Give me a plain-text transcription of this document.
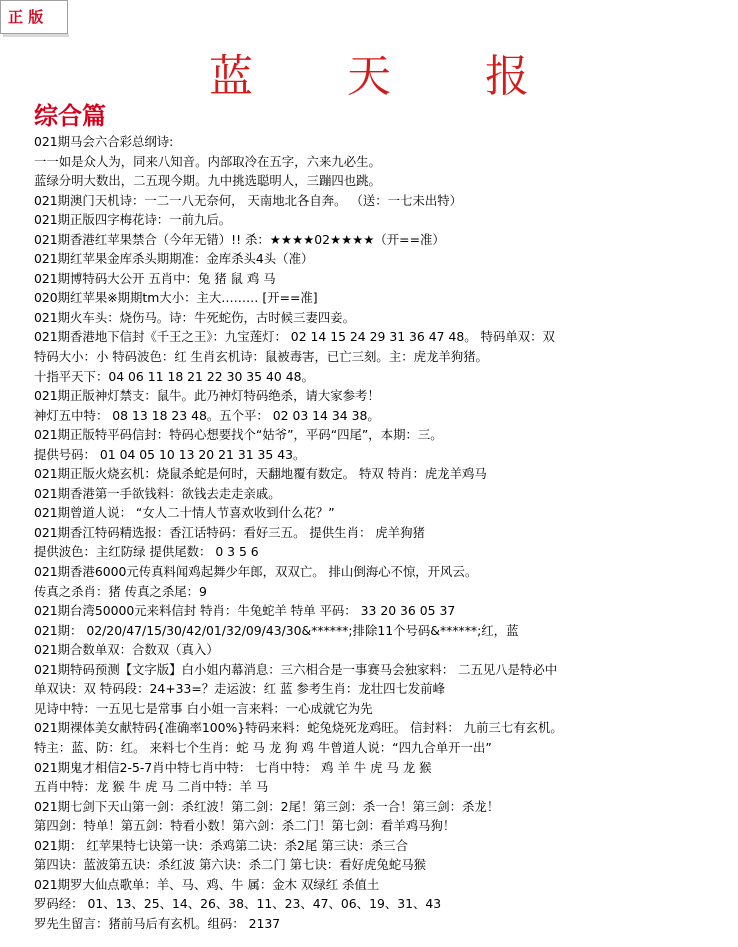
正 版
蓝 天 报
综合篇
021期马会六合彩总纲诗:
一一如是众人为，同来八知音。内部取冷在五字，六来九必生。
蓝绿分明大数出，二五现今期。九中挑选聪明人，三蹦四也跳。
021期澳门天机诗：一二一八无奈何， 天南地北各自奔。 （送：一七未出特）
021期正版四字梅花诗：一前九后。
021期香港红苹果禁合（今年无错）!! 杀：★★★★02★★★★（开==准）
021期红苹果金库杀头期期准：金库杀头4头（准）
021期博特码大公开 五肖中：兔 猪 鼠 鸡 马
020期红苹果※期期tm大小：主大……… [开==准]
021期火车头：烧伤马。诗：牛死蛇伤，古时候三妻四妾。
021期香港地下信封《千王之王》：九宝莲灯： 02 14 15 24 29 31 36 47 48。 特码单双：双
特码大小：小 特码波色：红 生肖玄机诗：鼠被毒害，已亡三刻。主：虎龙羊狗猪。
十指平天下：04 06 11 18 21 22 30 35 40 48。
021期正版神灯禁支：鼠牛。此乃神灯特码绝杀，请大家参考！
神灯五中特： 08 13 18 23 48。五个平： 02 03 14 34 38。
021期正版特平码信封：特码心想要找个“姑爷”，平码“四尾”，本期：三。
提供号码： 01 04 05 10 13 20 21 31 35 43。
021期正版火烧玄机：烧鼠杀蛇是何时，天翻地覆有数定。 特双 特肖：虎龙羊鸡马
021期香港第一手欲钱料：欲钱去走走亲戚。
021期曾道人说： “女人二十情人节喜欢收到什么花？”
021期香江特码精选报：香江话特码：看好三五。 提供生肖： 虎羊狗猪
提供波色：主红防绿 提供尾数： 0 3 5 6
021期香港6000元传真料闻鸡起舞少年郎，双双亡。 排山倒海心不惊，开风云。
传真之杀肖：猪 传真之杀尾：9
021期台湾50000元来料信封 特肖：牛兔蛇羊 特单 平码： 33 20 36 05 37
021期： 02/20/47/15/30/42/01/32/09/43/30&******;排除11个号码&******;红，蓝
021期合数单双：合数双（真入）
021期特码预测【文字版】白小姐内幕消息：三六相合是一事赛马会独家料： 二五见八是特必中
单双诀：双 特码段：24+33=？走运波：红 蓝 参考生肖：龙壮四七发前峰
见诗中特：一五见七是常事 白小姐一言来料：一心成就它为先
021期裸体美女献特码{准确率100%}特码来料：蛇兔烧死龙鸡旺。 信封料： 九前三七有玄机。
特主：蓝、防：红。 来料七个生肖：蛇 马 龙 狗 鸡 牛曾道人说：“四九合单开一出”
021期鬼才相信2-5-7肖中特七肖中特： 七肖中特： 鸡 羊 牛 虎 马 龙 猴
五肖中特：龙 猴 牛 虎 马 二肖中特：羊 马
021期七剑下天山第一剑：杀红波！第二剑：2尾！第三剑：杀一合！第三剑：杀龙！
第四剑：特单！第五剑：特看小数！第六剑：杀二门！第七剑：看羊鸡马狗！
021期： 红苹果特七诀第一诀：杀鸡第二诀：杀2尾 第三诀：杀三合
第四诀：蓝波第五诀：杀红波 第六诀：杀二门 第七诀：看好虎兔蛇马猴
021期罗大仙点歌单：羊、马、鸡、牛 属：金木 双绿红 杀值土
罗码经： 01、13、25、14、26、38、11、23、47、06、19、31、43
罗先生留言：猪前马后有玄机。组码： 2137
